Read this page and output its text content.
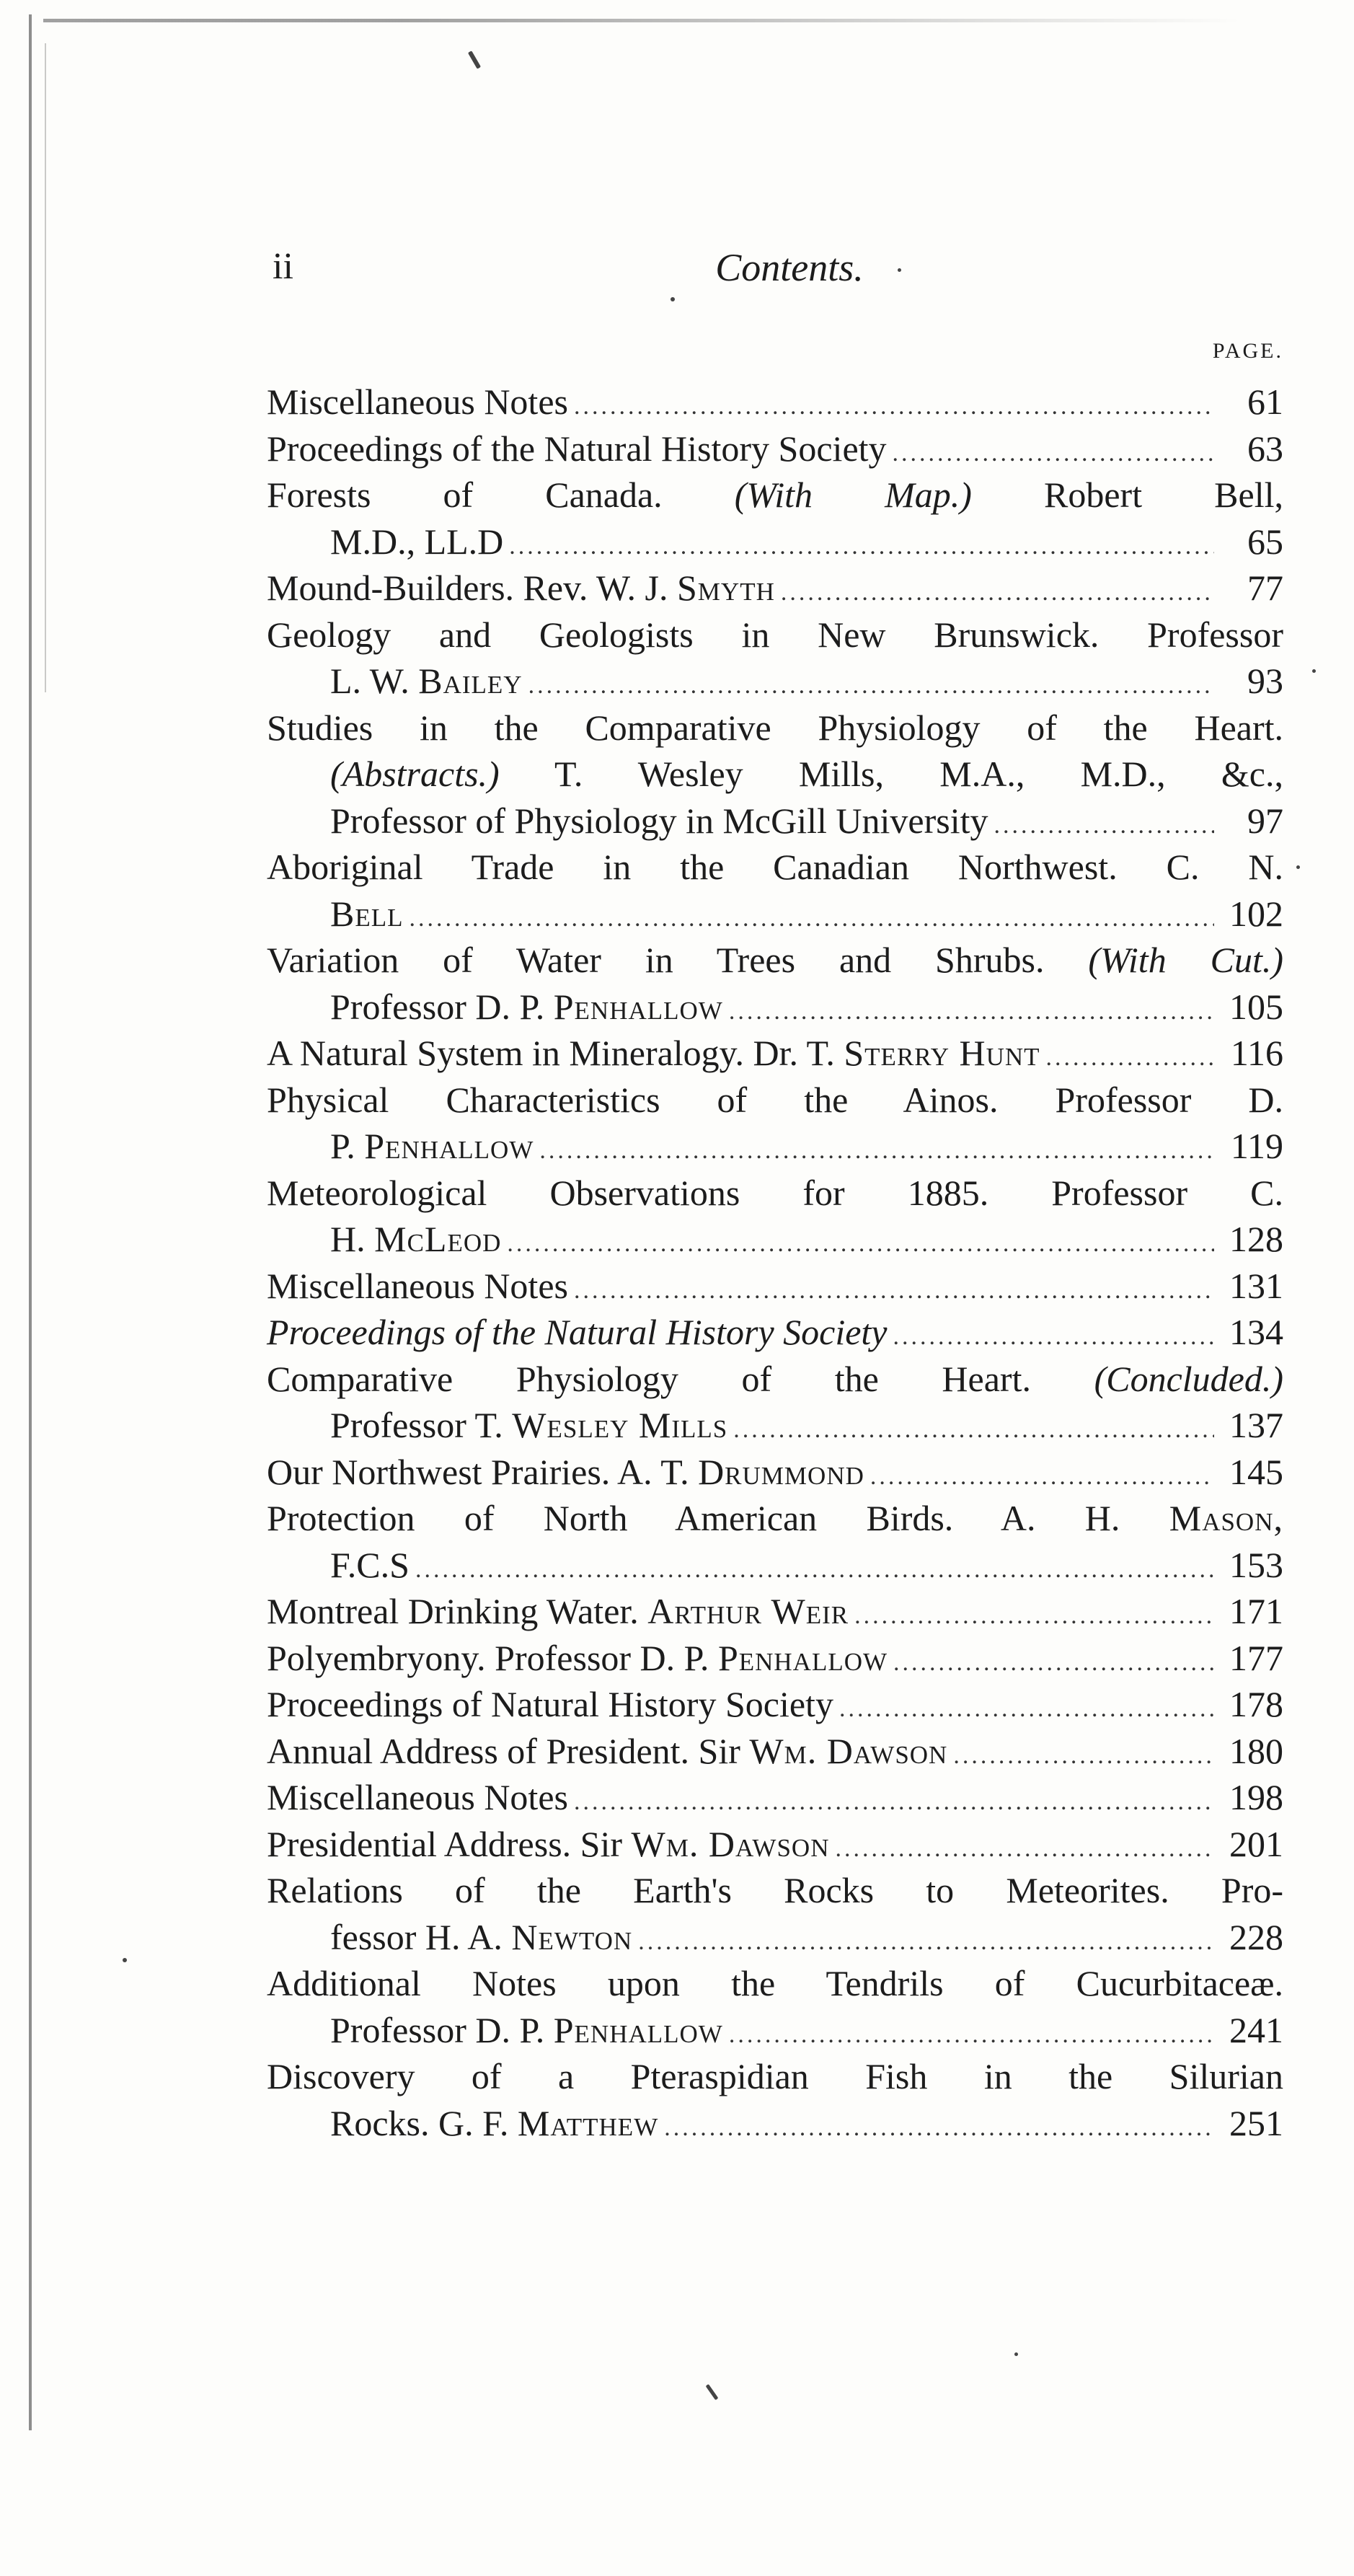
ii	Contents.
PAGE.
Miscellaneous Notes .....	61
Proceedings of the Natural History Society .....	63
Forests of Canada. (With Map.) Robert Bell,
M.D., LL.D .....	65
Mound-Builders. Rev. W. J. Smyth .....	77
Geology and Geologists in New Brunswick. Professor
L. W. Bailey .....	93
Studies in the Comparative Physiology of the Heart.
(Abstracts.) T. Wesley Mills, M.A., M.D., &c.,
Professor of Physiology in McGill University .....	97
Aboriginal Trade in the Canadian Northwest. C. N.
Bell .....	102
Variation of Water in Trees and Shrubs. (With Cut.)
Professor D. P. Penhallow .....	105
A Natural System in Mineralogy. Dr. T. Sterry Hunt .....	116
Physical Characteristics of the Ainos. Professor D.
P. Penhallow .....	119
Meteorological Observations for 1885. Professor C.
H. McLeod .....	128
Miscellaneous Notes .....	131
Proceedings of the Natural History Society .....	134
Comparative Physiology of the Heart. (Concluded.)
Professor T. Wesley Mills .....	137
Our Northwest Prairies. A. T. Drummond .....	145
Protection of North American Birds. A. H. Mason,
F.C.S .....	153
Montreal Drinking Water. Arthur Weir .....	171
Polyembryony. Professor D. P. Penhallow .....	177
Proceedings of Natural History Society .....	178
Annual Address of President. Sir Wm. Dawson .....	180
Miscellaneous Notes .....	198
Presidential Address. Sir Wm. Dawson .....	201
Relations of the Earth's Rocks to Meteorites. Pro-
fessor H. A. Newton .....	228
Additional Notes upon the Tendrils of Cucurbitaceæ.
Professor D. P. Penhallow .....	241
Discovery of a Pteraspidian Fish in the Silurian
Rocks. G. F. Matthew .....	251
